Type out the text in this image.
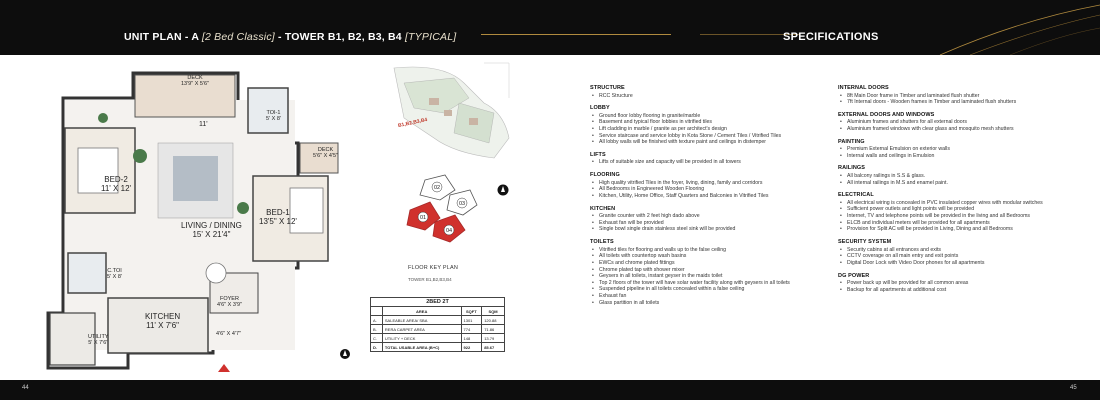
UNIT PLAN - A [2 Bed Classic] - TOWER B1, B2, B3, B4 [TYPICAL]	SPECIFICATIONS
DECK
13'9" X 5'6"
TOI-1
5' X 8'
DECK
5'6" X 4'5"
11'
BED-2
11' X 12'
BED-1
13'5" X 12'
LIVING / DINING
15' X 21'4"
C.TOI
5' X 8'
FOYER
4'6" X 3'9"
KITCHEN
11' X 7'6"
4'6" X 4'7"
UTILITY
5' X 7'6"
B1,B2,B3,B4
02
03
01
04
FLOOR KEY PLAN
TOWER B1,B2,B3,B4
2BED 2T			
	AREA	SQFT	SQM
A.	SALEABLE AREA/ SBA	1301	120.88
B.	RERA CARPET AREA	774	71.86
C.	UTILITY + DECK	148	13.79
D.	TOTAL USABLE AREA (B+C)	922	85.67
STRUCTURE
• RCC Structure
LOBBY
• Ground floor lobby flooring in granite/marble
• Basement and typical floor lobbies in vitrified tiles
• Lift cladding in marble / granite as per architect's design
• Service staircase and service lobby in Kota Stone / Cement Tiles / Vitrified Tiles
• All lobby walls will be finished with texture paint and ceilings in distemper
LIFTS
• Lifts of suitable size and capacity will be provided in all towers
FLOORING
• High quality vitrified Tiles in the foyer, living, dining, family and corridors
• All Bedrooms in Engineered Wooden Flooring
• Kitchen, Utility, Home Office, Staff Quarters and Balconies in Vitrified Tiles
KITCHEN
• Granite counter with 2 feet high dado above
• Exhaust fan will be provided
• Single bowl single drain stainless steel sink will be provided
TOILETS
• Vitrified tiles for flooring and walls up to the false ceiling
• All toilets with countertop wash basins
• EWCs and chrome plated fittings
• Chrome plated tap with shower mixer
• Geysers in all toilets, instant geyser in the maids toilet
• Top 2 floors of the tower will have solar water facility along with geysers in all toilets
• Suspended pipeline in all toilets concealed within a false ceiling
• Exhaust fan
• Glass partition in all toilets
INTERNAL DOORS
• 8ft Main Door frame in Timber and laminated flush shutter
• 7ft Internal doors - Wooden frames in Timber and laminated flush shutters
EXTERNAL DOORS AND WINDOWS
• Aluminium frames and shutters for all external doors
• Aluminium framed windows with clear glass and mosquito mesh shutters
PAINTING
• Premium External Emulsion on exterior walls
• Internal walls and ceilings in Emulsion
RAILINGS
• All balcony railings in S.S & glass.
• All internal railings in M.S and enamel paint.
ELECTRICAL
• All electrical wiring is concealed in PVC insulated copper wires with modular switches
• Sufficient power outlets and light points will be provided
• Internet, TV and telephone points will be provided in the living and all Bedrooms
• ELCB and individual meters will be provided for all apartments
• Provision for Split AC will be provided in Living, Dining and all Bedrooms
SECURITY SYSTEM
• Security cabins at all entrances and exits
• CCTV coverage on all main entry and exit points
• Digital Door Lock with Video Door phones for all apartments
DG POWER
• Power back up will be provided for all common areas
• Backup for all apartments at additional cost
44	45
